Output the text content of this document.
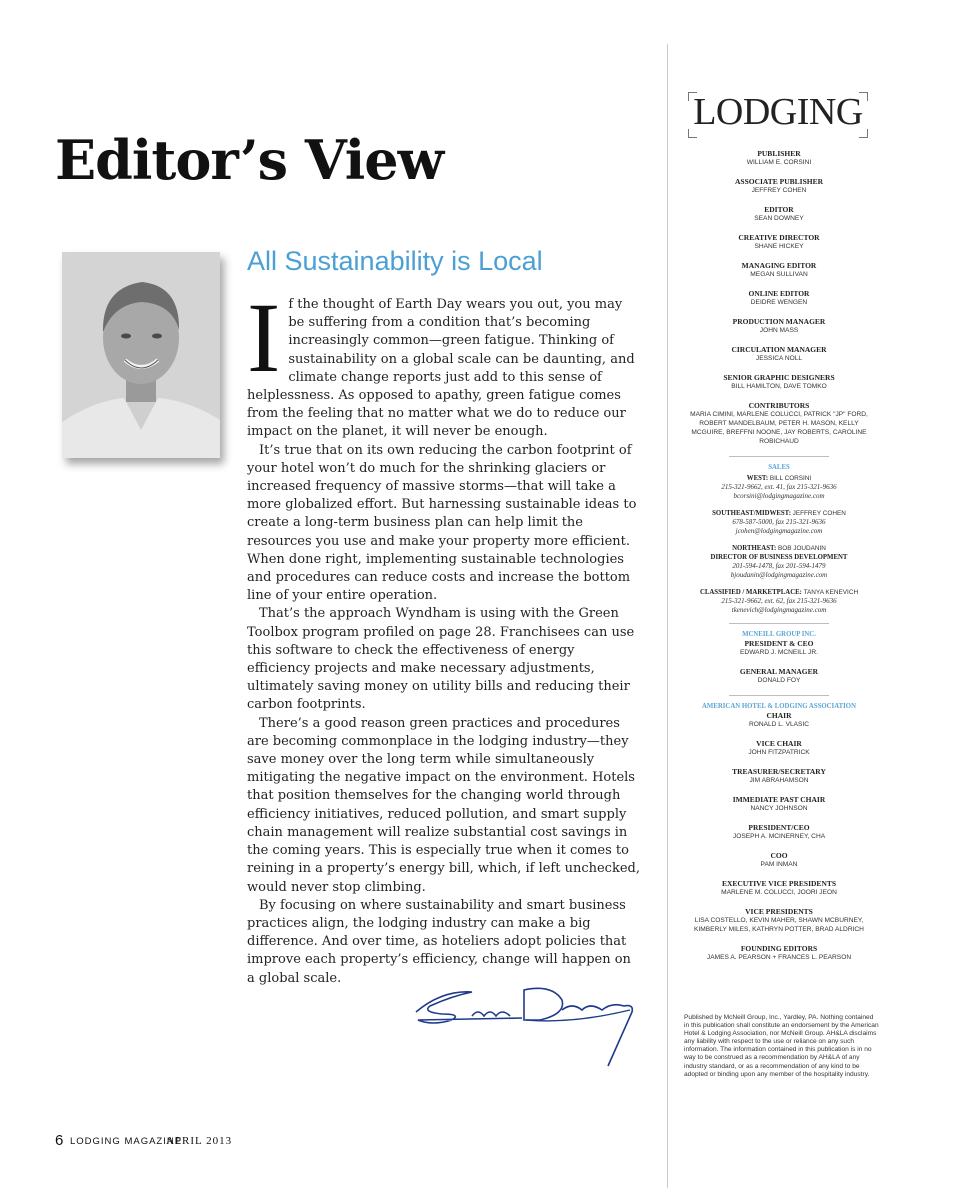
Editor’s View
All Sustainability is Local

If the thought of Earth Day wears you out, you may be suffering from a condition that’s becoming increasingly common—green fatigue. Thinking of sustainability on a global scale can be daunting, and climate change reports just add to this sense of helplessness. As opposed to apathy, green fatigue comes from the feeling that no matter what we do to reduce our impact on the planet, it will never be enough.

It’s true that on its own reducing the carbon footprint of your hotel won’t do much for the shrinking glaciers or increased frequency of massive storms—that will take a more globalized effort. But harnessing sustainable ideas to create a long-term business plan can help limit the resources you use and make your property more efficient. When done right, implementing sustainable technologies and procedures can reduce costs and increase the bottom line of your entire operation.

That’s the approach Wyndham is using with the Green Toolbox program profiled on page 28. Franchisees can use this software to check the effectiveness of energy efficiency projects and make necessary adjustments, ultimately saving money on utility bills and reducing their carbon footprints.

There’s a good reason green practices and procedures are becoming commonplace in the lodging industry—they save money over the long term while simultaneously mitigating the negative impact on the environment. Hotels that position themselves for the changing world through efficiency initiatives, reduced pollution, and smart supply chain management will realize substantial cost savings in the coming years. This is especially true when it comes to reining in a property’s energy bill, which, if left unchecked, would never stop climbing.

By focusing on where sustainability and smart business practices align, the lodging industry can make a big difference. And over time, as hoteliers adopt policies that improve each property’s efficiency, change will happen on a global scale.

6 LODGING MAGAZINE
APRIL 2013
LODGING
PUBLISHER
WILLIAM E. CORSINI
ASSOCIATE PUBLISHER
JEFFREY COHEN
EDITOR
SEAN DOWNEY
CREATIVE DIRECTOR
SHANE HICKEY
MANAGING EDITOR
MEGAN SULLIVAN
ONLINE EDITOR
DEIDRE WENGEN
PRODUCTION MANAGER
JOHN MASS
CIRCULATION MANAGER
JESSICA NOLL
SENIOR GRAPHIC DESIGNERS
BILL HAMILTON, DAVE TOMKO
CONTRIBUTORS
MARIA CIMINI, MARLENE COLUCCI, PATRICK "JP" FORD, ROBERT MANDELBAUM, PETER H. MASON, KELLY MCGUIRE, BREFFNI NOONE, JAY ROBERTS, CAROLINE ROBICHAUD
SALES
WEST: BILL CORSINI
215-321-9662, ext. 41, fax 215-321-9636
bcorsini@lodgingmagazine.com
SOUTHEAST/MIDWEST: JEFFREY COHEN
678-587-5000, fax 215-321-9636
jcohen@lodgingmagazine.com
NORTHEAST: BOB JOUDANIN
DIRECTOR OF BUSINESS DEVELOPMENT
201-594-1478, fax 201-594-1479
bjoudanin@lodgingmagazine.com
CLASSIFIED / MARKETPLACE: TANYA KENEVICH
215-321-9662, ext. 62, fax 215-321-9636
tkenevich@lodgingmagazine.com
MCNEILL GROUP INC.
PRESIDENT & CEO
EDWARD J. MCNEILL JR.
GENERAL MANAGER
DONALD FOY
AMERICAN HOTEL & LODGING ASSOCIATION
CHAIR
RONALD L. VLASIC
VICE CHAIR
JOHN FITZPATRICK
TREASURER/SECRETARY
JIM ABRAHAMSON
IMMEDIATE PAST CHAIR
NANCY JOHNSON
PRESIDENT/CEO
JOSEPH A. MCINERNEY, CHA
COO
PAM INMAN
EXECUTIVE VICE PRESIDENTS
MARLENE M. COLUCCI, JOORI JEON
VICE PRESIDENTS
LISA COSTELLO, KEVIN MAHER, SHAWN MCBURNEY, KIMBERLY MILES, KATHRYN POTTER, BRAD ALDRICH
FOUNDING EDITORS
JAMES A. PEARSON + FRANCES L. PEARSON
Published by McNeill Group, Inc., Yardley, PA. Nothing contained in this publication shall constitute an endorsement by the American Hotel & Lodging Association, nor McNeill Group. AH&LA disclaims any liability with respect to the use or reliance on any such information. The information contained in this publication is in no way to be construed as a recommendation by AH&LA of any industry standard, or as a recommendation of any kind to be adopted or binding upon any member of the hospitality industry.
